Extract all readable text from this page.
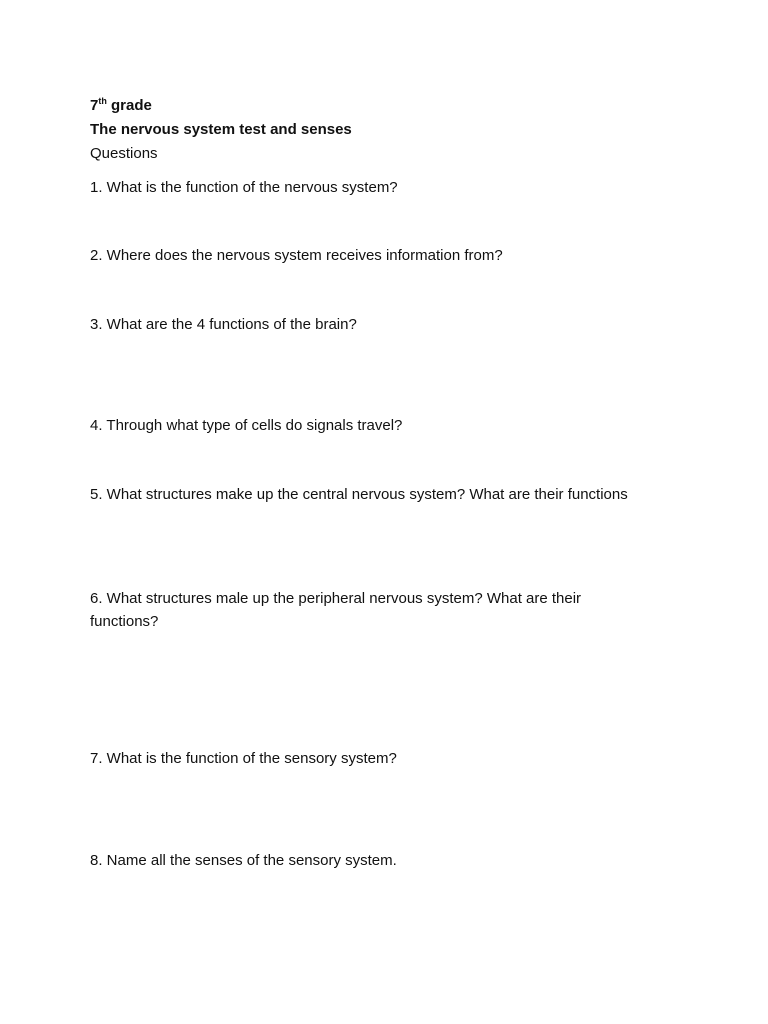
7th grade
The nervous system test and senses
Questions
1. What is the function of the nervous system?
2. Where does the nervous system receives information from?
3. What are the 4 functions of the brain?
4. Through what type of cells do signals travel?
5. What structures make up the central nervous system? What are their functions
6. What structures male up the peripheral nervous system? What are their functions?
7. What is the function of the sensory system?
8. Name all the senses of the sensory system.
